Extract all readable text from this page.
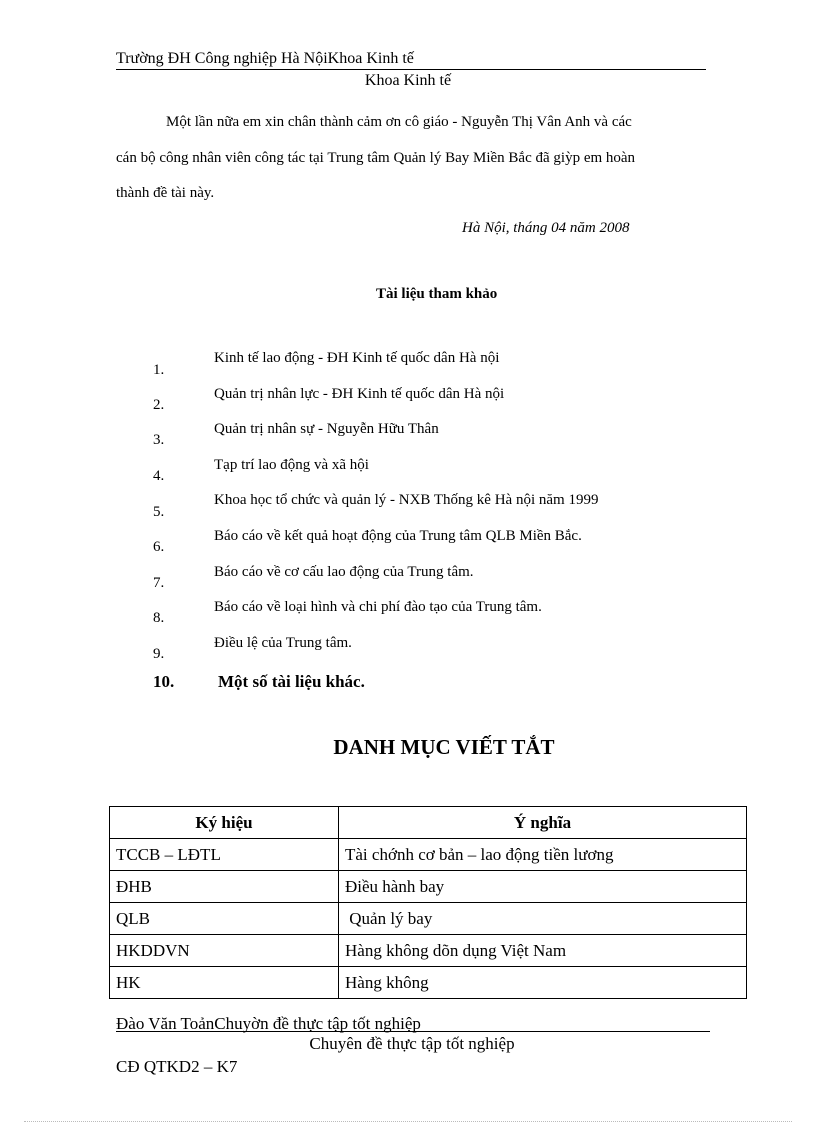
Trường ĐH Công nghiệp Hà NộiKhoa Kinh tế
Khoa Kinh tế
Một lần nữa em xin chân thành cảm ơn cô giáo - Nguyễn Thị Vân Anh và các
cán bộ công nhân viên công tác tại Trung tâm Quản lý Bay Miền Bắc đã giỳp em hoàn
thành đề tài này.
Hà Nội, tháng 04 năm 2008
Tài liệu tham khảo
1.
Kinh tế lao động - ĐH Kinh tế quốc dân Hà nội
2.
Quản trị nhân lực - ĐH Kinh tế quốc dân Hà nội
3.
Quản trị nhân sự - Nguyễn Hữu Thân
4.
Tạp trí lao động và xã hội
5.
Khoa học tổ chức và quản lý - NXB Thống kê Hà nội năm 1999
6.
Báo cáo về kết quả hoạt động của Trung tâm QLB Miền Bắc.
7.
Báo cáo về cơ cấu lao động của Trung tâm.
8.
Báo cáo về loại hình và chi phí đào tạo của Trung tâm.
9.
Điều lệ của Trung tâm.
10.	Một số tài liệu khác.
DANH MỤC VIẾT TẮT
Ký hiệu	Ý nghĩa
TCCB – LĐTL	Tài chớnh cơ bản – lao động tiền lương
ĐHB	Điều hành bay
QLB	Quản lý bay
HKDDVN	Hàng không dõn dụng Việt Nam
HK	Hàng không
Đào Văn ToảnChuyờn đề thực tập tốt nghiệp
Chuyên đề thực tập tốt nghiệp
CĐ QTKD2 – K7
